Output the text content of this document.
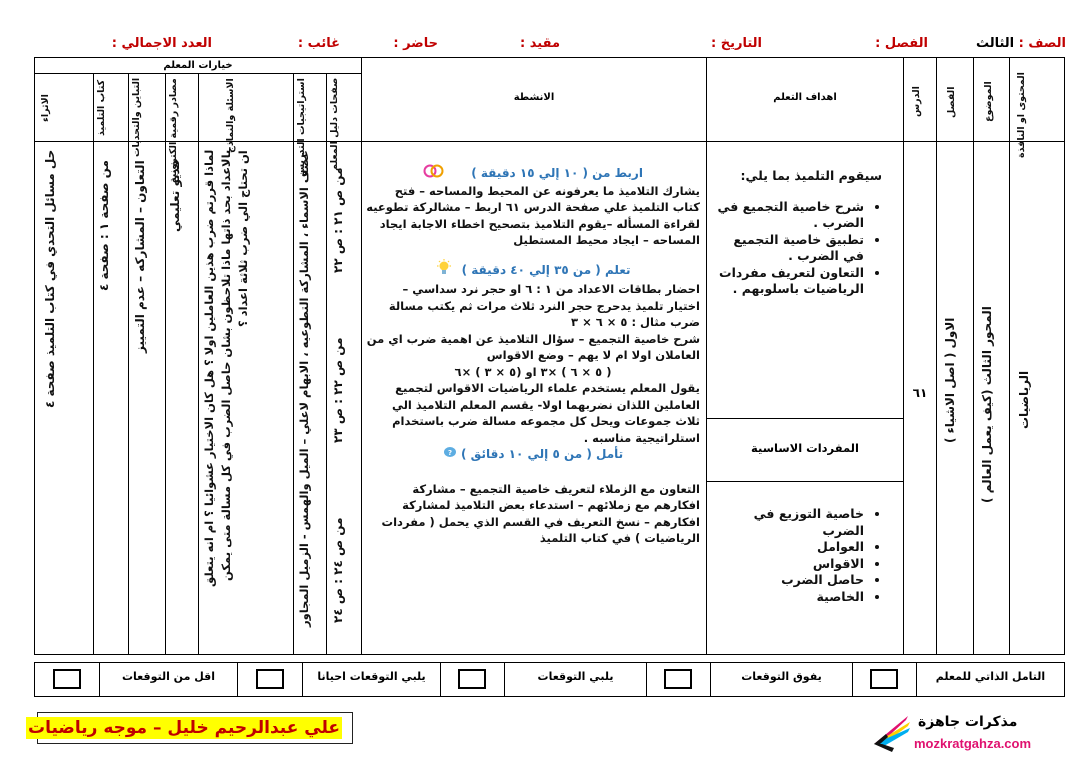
الصف : الثالث
الفصل :
التاريخ :
مقيد :
حاضر :
غائب :
العدد الاجمالي :
خيارات المعلم
المحتوى او النافذة
الموضوع
الفصل
الدرس
اهداف التعلم
الانشطة
صفحات دليل المعلم
استراتيجيات التدريس
الاسئلة والنماذج
مصادر رقمية الكترونية
التباين والتحديات
كتاب التلميذ
الاثراء
الرياضيات
المحور الثالث (كيف يعمل العالم )
الاول ( اصل الاشياء )
٦١
سيقوم التلميذ بما يلي:
• شرح خاصية التجميع في الضرب .
• تطبيق خاصية التجميع في الضرب .
• التعاون لتعريف مفردات الرياضيات باسلوبهم .
المفردات الاساسية
• خاصية التوزيع في الضرب
• العوامل
• الاقواس
• حاصل الضرب
• الخاصية
اربط من ( ١٠ إلي ١٥ دقيقة )
يشارك التلاميذ ما يعرفونه عن المحيط والمساحه – فتح كتاب التلميذ علي صفحة الدرس ٦١ اربط – مشالركة تطوعيه لقراءة المسأله –يقوم التلاميذ بتصحيح اخطاء الاجابة ايجاد المساحه – ايجاد محيط المستطيل
تعلم ( من ٣٥ إلي ٤٠ دقيقة )
احضار بطاقات الاعداد من ١ : ٦ او حجر نرد سداسي – اختيار تلميذ يدحرج حجر النرد ثلاث مرات ثم يكتب مسالة ضرب مثال : ٥ × ٦ × ٣
شرح خاصية التجميع – سؤال التلاميذ عن اهمية ضرب اي من العاملان اولا ام لا يهم – وضع الاقواس
( ٥ × ٦ ) ×٣ او (٥ × ٣ ) ×٦
يقول المعلم يستخدم علماء الرياضيات الاقواس لتجميع العاملين اللذان نضربهما اولا- يقسم المعلم التلاميذ الي ثلاث جموعات ويحل كل مجموعه مسالة ضرب باستخدام استلراتيجية مناسبه .
تأمل ( من ٥ إلي ١٠ دقائق )
?
التعاون مع الزملاء لتعريف خاصية التجميع – مشاركة افكارهم مع زملائهم – استدعاء بعض التلاميذ لمشاركة افكارهم – نسخ التعريف في القسم الذي يحمل ( مفردات الرياضيات ) في كتاب التلميذ
من ص ٢١ : ص ٢٢
من ص ٢٢ : ص ٢٣
من ص ٢٤ : ص ٢٤
عصف الاسماء ، المشاركة التطوعيه ، الابهام لاعلي – الميل والهمس - الزميل المجاور
لماذا قررتم ضرب هذين العاملين اولا ؟ هل كان الاختيار عشوائيا ؟ ام انه يتعلق بالاعداد بحد ذاتها ماذا تلاحظون بشان حاصل الضرب في كل مسالة متى يمكن ان تحتاج الي ضرب ثلاثة اعداد ؟
فديو تعليمي
التعاون – المشاركه – عدم التمييز
من صفحة ١ : صفحة ٤
حل مسائل التحدي في كتاب التلميذ صفحة ٤
التامل الذاتي للمعلم
يفوق التوقعات
يلبي التوقعات
يلبي التوقعات احيانا
اقل من التوقعات
علي عبدالرحيم خليل – موجه رياضيات	مذكرات جاهزة
mozkratgahza.com
